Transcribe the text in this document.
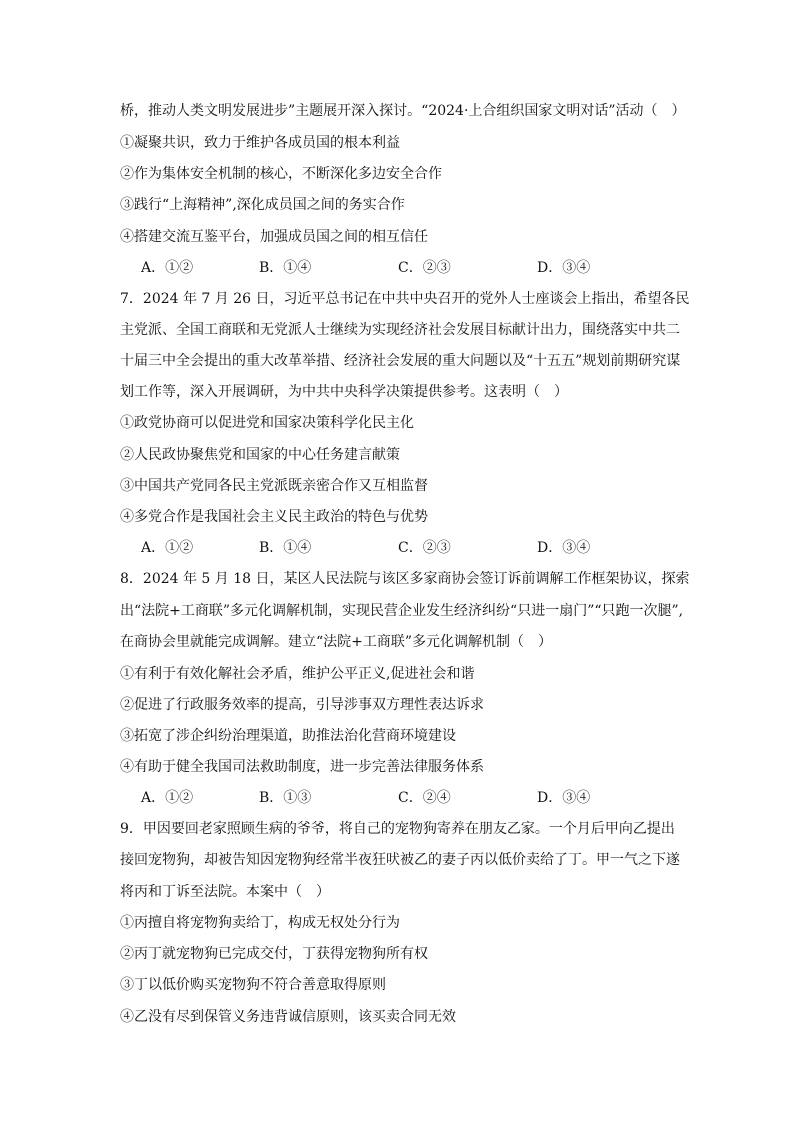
桥，推动人类文明发展进步”主题展开深入探讨。“2024·上合组织国家文明对话”活动（　）
①凝聚共识，致力于维护各成员国的根本利益
②作为集体安全机制的核心，不断深化多边安全合作
③践行“上海精神”,深化成员国之间的务实合作
④搭建交流互鉴平台，加强成员国之间的相互信任
A．①②	B．①④	C．②③	D．③④
7．2024 年 7 月 26 日，习近平总书记在中共中央召开的党外人士座谈会上指出，希望各民
主党派、全国工商联和无党派人士继续为实现经济社会发展目标献计出力，围绕落实中共二
十届三中全会提出的重大改革举措、经济社会发展的重大问题以及“十五五”规划前期研究谋
划工作等，深入开展调研，为中共中央科学决策提供参考。这表明（　）
①政党协商可以促进党和国家决策科学化民主化
②人民政协聚焦党和国家的中心任务建言献策
③中国共产党同各民主党派既亲密合作又互相监督
④多党合作是我国社会主义民主政治的特色与优势
A．①②	B．①④	C．②③	D．③④
8．2024 年 5 月 18 日，某区人民法院与该区多家商协会签订诉前调解工作框架协议，探索
出“法院+工商联”多元化调解机制，实现民营企业发生经济纠纷“只进一扇门”“只跑一次腿”,
在商协会里就能完成调解。建立“法院+工商联”多元化调解机制（　）
①有利于有效化解社会矛盾，维护公平正义,促进社会和谐
②促进了行政服务效率的提高，引导涉事双方理性表达诉求
③拓宽了涉企纠纷治理渠道，助推法治化营商环境建设
④有助于健全我国司法救助制度，进一步完善法律服务体系
A．①②	B．①③	C．②④	D．③④
9．甲因要回老家照顾生病的爷爷，将自己的宠物狗寄养在朋友乙家。一个月后甲向乙提出
接回宠物狗，却被告知因宠物狗经常半夜狂吠被乙的妻子丙以低价卖给了丁。甲一气之下遂
将丙和丁诉至法院。本案中（　）
①丙擅自将宠物狗卖给丁，构成无权处分行为
②丙丁就宠物狗已完成交付，丁获得宠物狗所有权
③丁以低价购买宠物狗不符合善意取得原则
④乙没有尽到保管义务违背诚信原则，该买卖合同无效
